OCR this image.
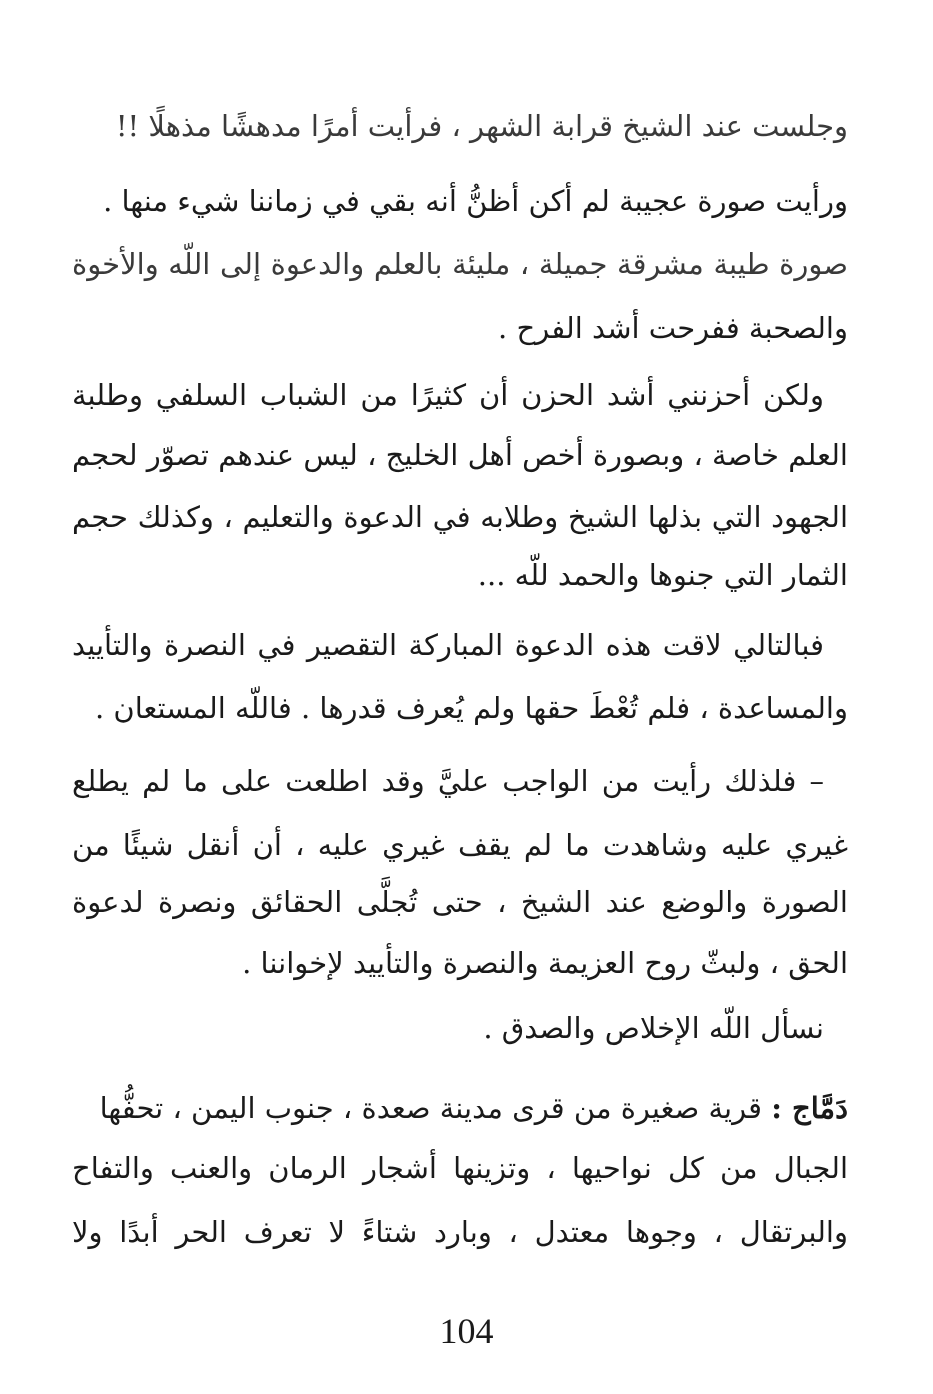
وجلست عند الشيخ قرابة الشهر ، فرأيت أمرًا مدهشًا مذهلًا !!
ورأيت صورة عجيبة لم أكن أظنُّ أنه بقي في زماننا شيء منها .
صورة طيبة مشرقة جميلة ، مليئة بالعلم والدعوة إلى اللّه والأخوة
والصحبة ففرحت أشد الفرح .
ولكن أحزنني أشد الحزن أن كثيرًا من الشباب السلفي وطلبة
العلم خاصة ، وبصورة أخص أهل الخليج ، ليس عندهم تصوّر لحجم
الجهود التي بذلها الشيخ وطلابه في الدعوة والتعليم ، وكذلك حجم
الثمار التي جنوها والحمد للّه ...
فبالتالي لاقت هذه الدعوة المباركة التقصير في النصرة والتأييد
والمساعدة ، فلم تُعْطَ حقها ولم يُعرف قدرها . فاللّه المستعان .
– فلذلك رأيت من الواجب عليَّ وقد اطلعت على ما لم يطلع
غيري عليه وشاهدت ما لم يقف غيري عليه ، أن أنقل شيئًا من
الصورة والوضع عند الشيخ ، حتى تُجلَّى الحقائق ونصرة لدعوة
الحق ، ولبثّ روح العزيمة والنصرة والتأييد لإخواننا .
نسأل اللّه الإخلاص والصدق .
دَمَّاج : قرية صغيرة من قرى مدينة صعدة ، جنوب اليمن ، تحفُّها
الجبال من كل نواحيها ، وتزينها أشجار الرمان والعنب والتفاح
والبرتقال ، وجوها معتدل ، وبارد شتاءً لا تعرف الحر أبدًا ولا
104
